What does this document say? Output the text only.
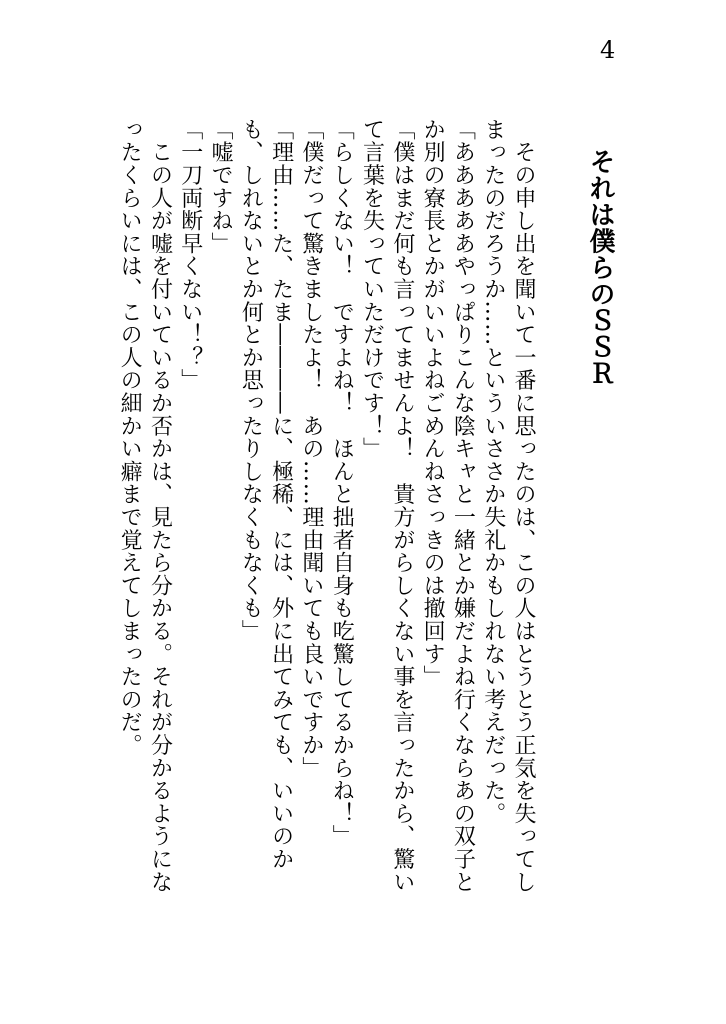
4
それは僕らのＳＳＲ

　その申し出を聞いて一番に思ったのは、この人はとうとう正気を失ってしまったのだろうか……といういささか失礼かもしれない考えだった。

「あああああやっぱりこんな陰キャと一緒とか嫌だよね行くならあの双子とか別の寮長とかがいいよねごめんねさっきのは撤回す」

「僕はまだ何も言ってませんよ！　貴方がらしくない事を言ったから、驚いて言葉を失っていただけです！」

「らしくない！　ですよね！　ほんと拙者自身も吃驚してるからね！」

「僕だって驚きましたよ！　あの……理由聞いても良いですか」

「理由……た、たま――――に、極稀、には、外に出てみても、いいのかも、しれないとか何とか思ったりしなくもなくも」

「嘘ですね」

「一刀両断早くない！？」

　この人が嘘を付いているか否かは、見たら分かる。それが分かるようになったくらいには、この人の細かい癖まで覚えてしまったのだ。
